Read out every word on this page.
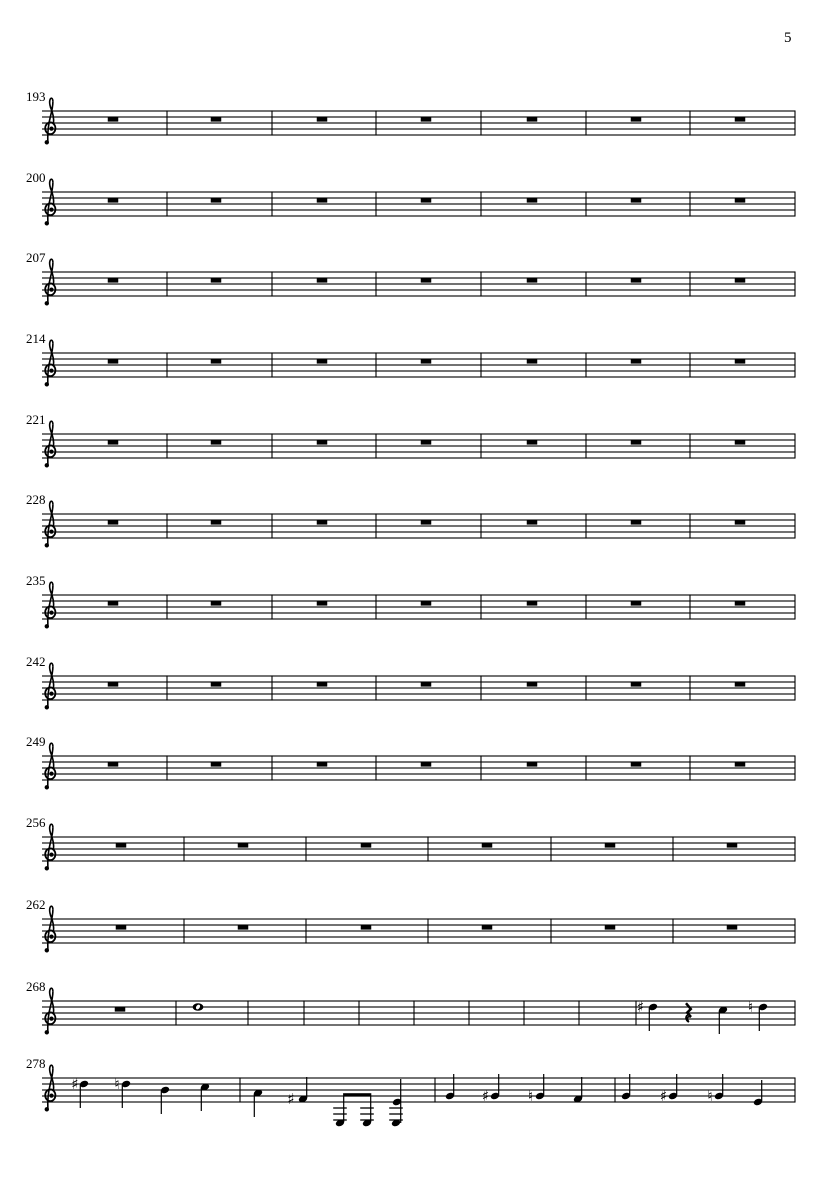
5
193
200
207
214
221
228
235
242
249
256
262
268
♯	♮
278
♯ ♮
♯	♯	♮	♯	♮
